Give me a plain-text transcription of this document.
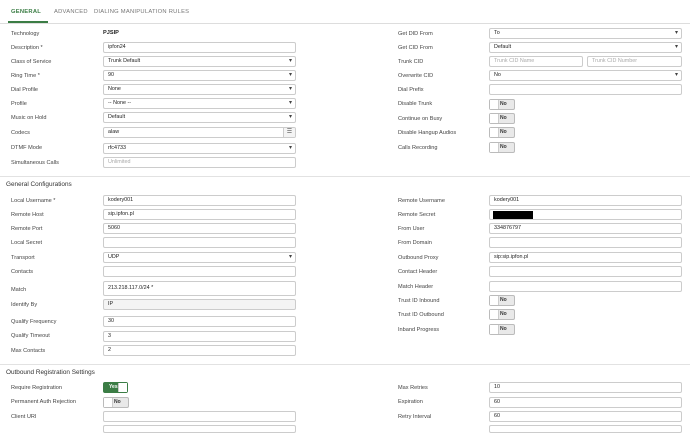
GENERAL ADVANCED DIALING MANIPULATION RULES
Technology	PJSIP
Description *	ipfon24
Class of Service	Trunk Default ▾
Ring Time *	90 ▾
Dial Profile	None ▾
Profile	-- None -- ▾
Music on Hold	Default ▾
Codecs	alaw	☰
DTMF Mode	rfc4733 ▾
Simultaneous Calls	Unlimited
Get DID From	To ▾
Get CID From	Default ▾
Trunk CID	Trunk CID Name	Trunk CID Number
Overwrite CID	No ▾
Dial Prefix
Disable Trunk	No
Continue on Busy	No
Disable Hangup Audios	No
Calls Recording	No
General Configurations
Local Username *	kodery001
Remote Host	sip.ipfon.pl
Remote Port	5060
Local Secret
Transport	UDP ▾
Contacts
Match	213.218.117.0/24 *
Identify By	IP
Qualify Frequency	30
Qualify Timeout	3
Max Contacts	2
Remote Username	kodery001
Remote Secret
From User	334876797
From Domain
Outbound Proxy	sip:sip.ipfon.pl
Contact Header
Match Header
Trust ID Inbound	No
Trust ID Outbound	No
Inband Progress	No
Outbound Registration Settings
Require Registration	Yes
Permanent Auth Rejection	No
Client URI
Max Retries	10
Expiration	60
Retry Interval	60
